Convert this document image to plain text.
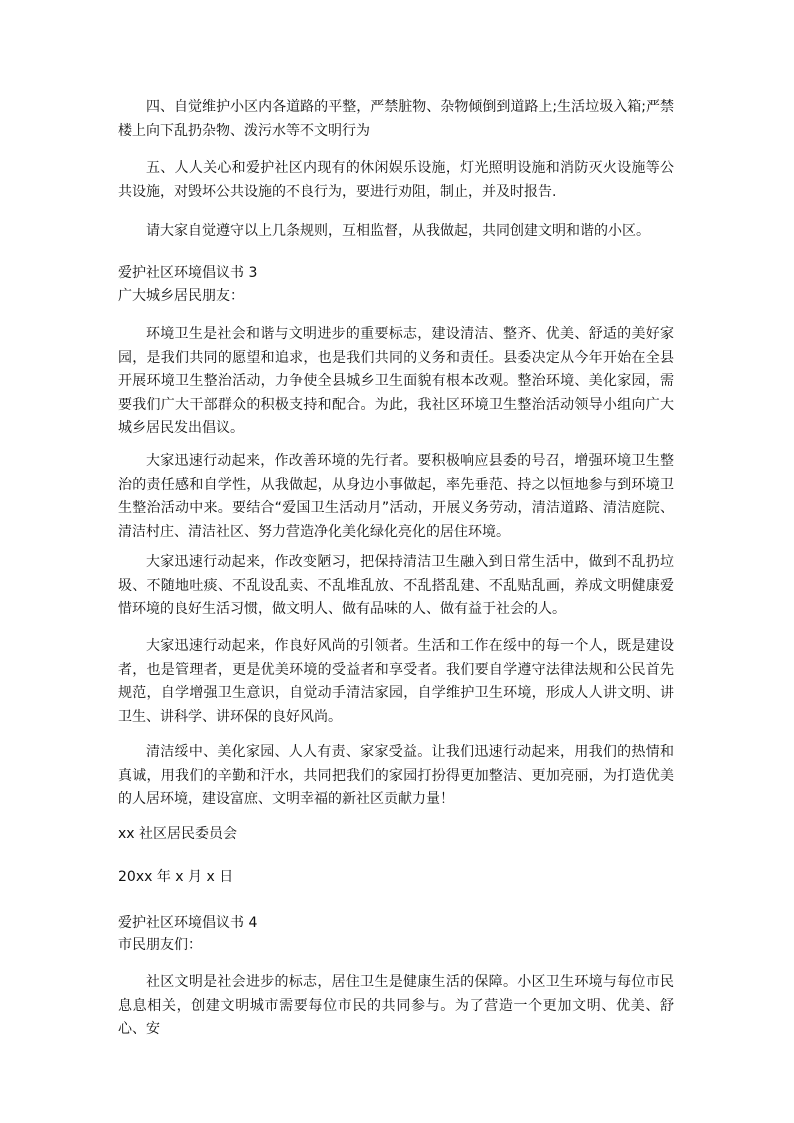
四、自觉维护小区内各道路的平整，严禁脏物、杂物倾倒到道路上;生活垃圾入箱;严禁楼上向下乱扔杂物、泼污水等不文明行为

五、人人关心和爱护社区内现有的休闲娱乐设施，灯光照明设施和消防灭火设施等公共设施，对毁坏公共设施的不良行为，要进行劝阻，制止，并及时报告.

请大家自觉遵守以上几条规则，互相监督，从我做起，共同创建文明和谐的小区。

爱护社区环境倡议书 3

广大城乡居民朋友：

环境卫生是社会和谐与文明进步的重要标志，建设清洁、整齐、优美、舒适的美好家园，是我们共同的愿望和追求，也是我们共同的义务和责任。县委决定从今年开始在全县开展环境卫生整治活动，力争使全县城乡卫生面貌有根本改观。整治环境、美化家园，需要我们广大干部群众的积极支持和配合。为此，我社区环境卫生整治活动领导小组向广大城乡居民发出倡议。

大家迅速行动起来，作改善环境的先行者。要积极响应县委的号召，增强环境卫生整治的责任感和自学性，从我做起，从身边小事做起，率先垂范、持之以恒地参与到环境卫生整治活动中来。要结合“爱国卫生活动月”活动，开展义务劳动，清洁道路、清洁庭院、清洁村庄、清洁社区、努力营造净化美化绿化亮化的居住环境。

大家迅速行动起来，作改变陋习，把保持清洁卫生融入到日常生活中，做到不乱扔垃圾、不随地吐痰、不乱设乱卖、不乱堆乱放、不乱搭乱建、不乱贴乱画，养成文明健康爱惜环境的良好生活习惯，做文明人、做有品味的人、做有益于社会的人。

大家迅速行动起来，作良好风尚的引领者。生活和工作在绥中的每一个人，既是建设者，也是管理者，更是优美环境的受益者和享受者。我们要自学遵守法律法规和公民首先规范，自学增强卫生意识，自觉动手清洁家园，自学维护卫生环境，形成人人讲文明、讲卫生、讲科学、讲环保的良好风尚。

清洁绥中、美化家园、人人有责、家家受益。让我们迅速行动起来，用我们的热情和真诚，用我们的辛勤和汗水，共同把我们的家园打扮得更加整洁、更加亮丽，为打造优美的人居环境，建设富庶、文明幸福的新社区贡献力量！

xx 社区居民委员会

20xx 年 x 月 x 日

爱护社区环境倡议书 4

市民朋友们：

社区文明是社会进步的标志，居住卫生是健康生活的保障。小区卫生环境与每位市民息息相关，创建文明城市需要每位市民的共同参与。为了营造一个更加文明、优美、舒心、安
